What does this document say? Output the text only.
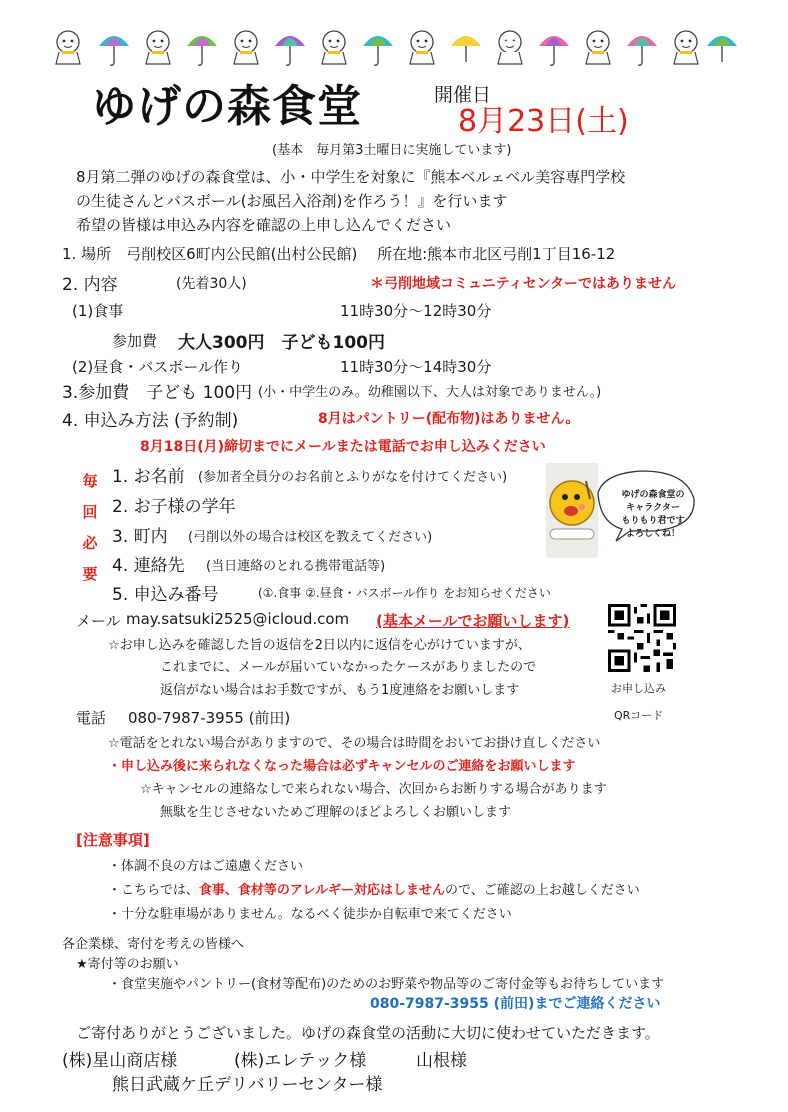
ゆげの森食堂	開催日
8月23日(土)
(基本　毎月第3土曜日に実施しています)
8月第二弾のゆげの森食堂は、小・中学生を対象に『熊本ベルェベル美容専門学校
の生徒さんとバスボール(お風呂入浴剤)を作ろう！』を行います
希望の皆様は申込み内容を確認の上申し込んでください
1. 場所　弓削校区6町内公民館(出村公民館)　 所在地:熊本市北区弓削1丁目16-12
2. 内容	(先着30人)	＊弓削地域コミュニティセンターではありません
(1)食事	11時30分～12時30分
参加費 大人300円　子ども100円
(2)昼食・バスボール作り	11時30分～14時30分
3.参加費　子ども 100円 (小・中学生のみ。幼稚園以下、大人は対象でありません。)
4. 申込み方法 (予約制)	8月はパントリー(配布物)はありません。
8月18日(月)締切までにメールまたは電話でお申し込みください
毎
回
必
要
1. お名前 (参加者全員分のお名前とふりがなを付けてください)
2. お子様の学年
3. 町内 (弓削以外の場合は校区を教えてください)
4. 連絡先 (当日連絡のとれる携帯電話等)
5. 申込み番号	(①.食事 ②.昼食・バスボール作り をお知らせください
ゆげの森食堂の
キャラクター
もりもり君です
よろしくね！
メール may.satsuki2525@icloud.com (基本メールでお願いします)
☆お申し込みを確認した旨の返信を2日以内に返信を心がけていますが、
これまでに、メールが届いていなかったケースがありましたので
返信がない場合はお手数ですが、もう1度連絡をお願いします	お申し込み
QRコード
電話 080-7987-3955 (前田)
☆電話をとれない場合がありますので、その場合は時間をおいてお掛け直しください
・申し込み後に来られなくなった場合は必ずキャンセルのご連絡をお願いします
☆キャンセルの連絡なしで来られない場合、次回からお断りする場合があります
無駄を生じさせないためご理解のほどよろしくお願いします
[注意事項]
・体調不良の方はご遠慮ください
・こちらでは、食事、食材等のアレルギー対応はしませんので、ご確認の上お越しください
・十分な駐車場がありません。なるべく徒歩か自転車で来てください
各企業様、寄付を考えの皆様へ
★寄付等のお願い
・食堂実施やパントリー(食材等配布)のためのお野菜や物品等のご寄付金等もお待ちしています
080-7987-3955 (前田)までご連絡ください
ご寄付ありがとうございました。ゆげの森食堂の活動に大切に使わせていただきます。
(株)星山商店様	(株)エレテック様	山根様
熊日武蔵ケ丘デリバリーセンター様
